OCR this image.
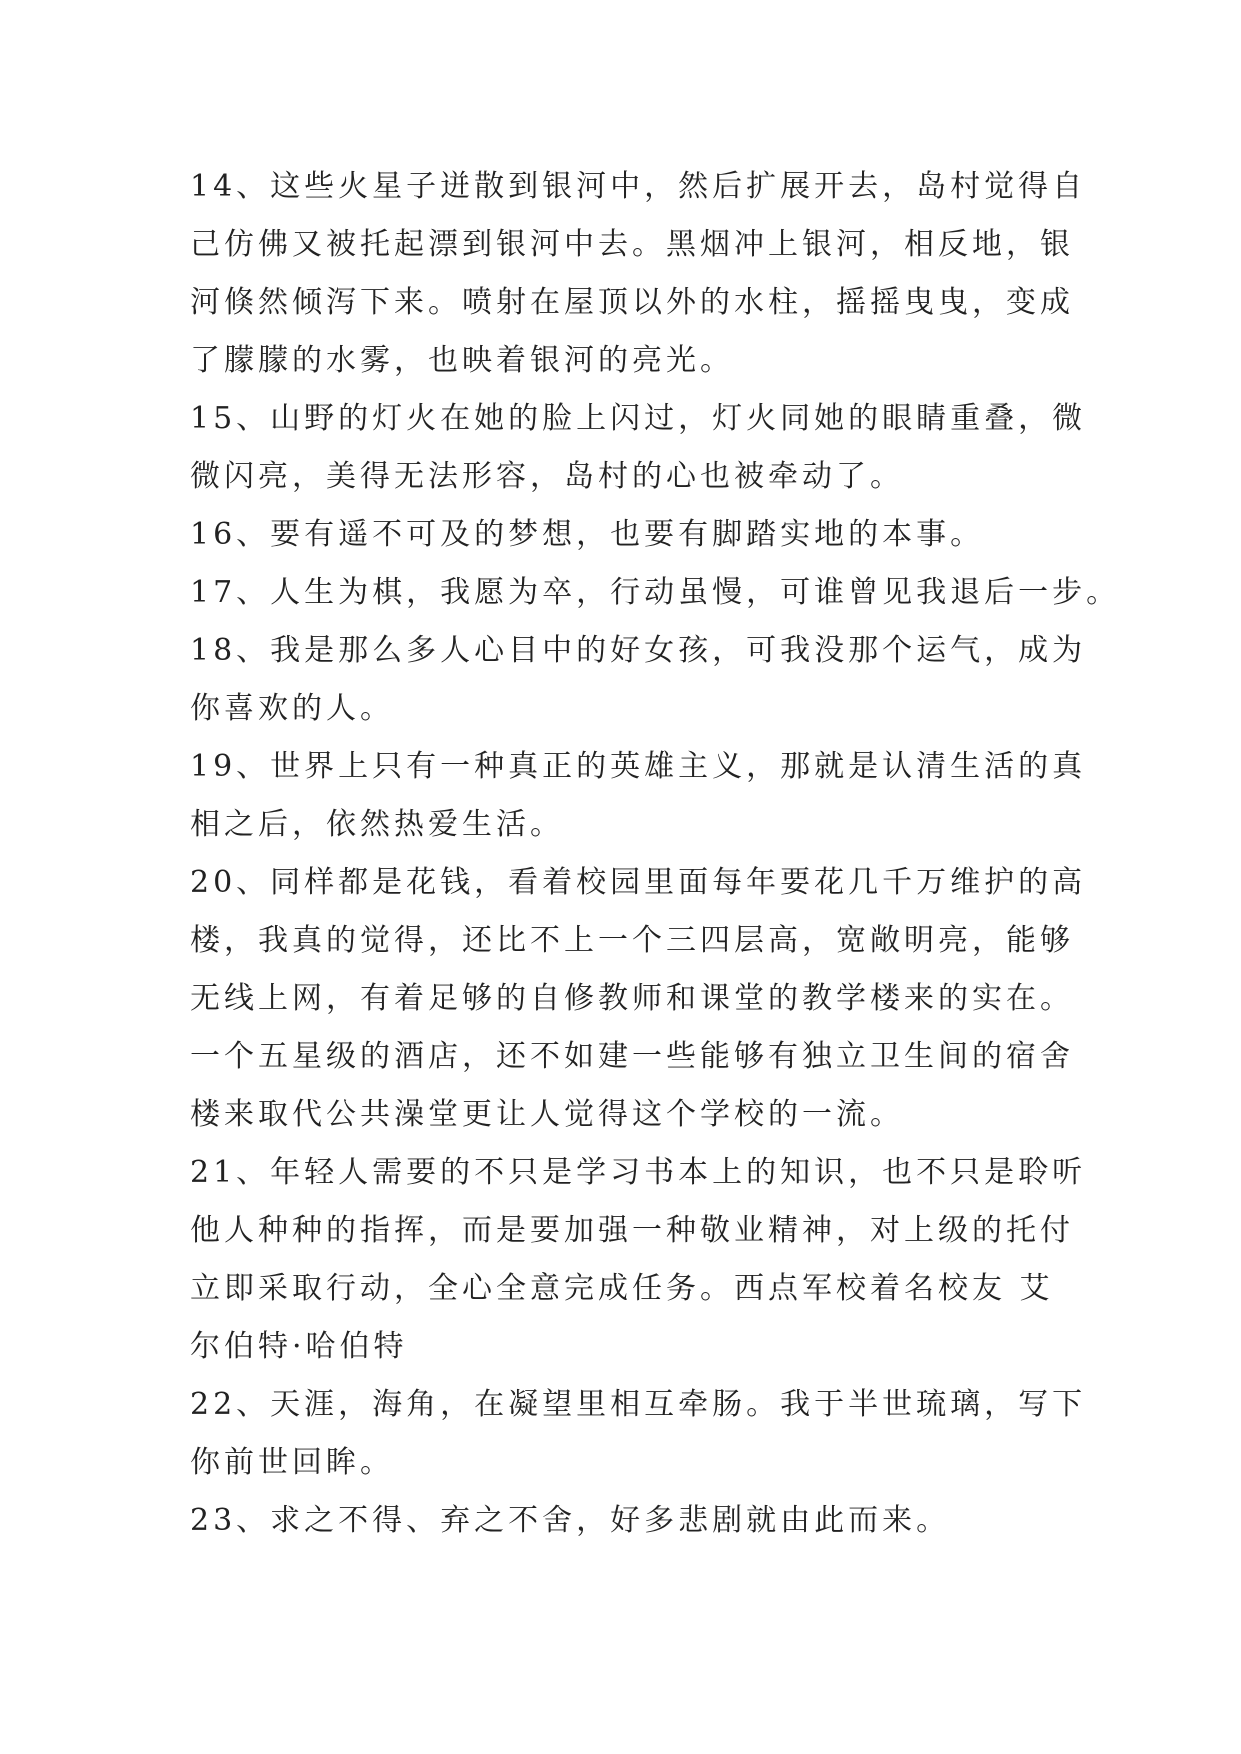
14、这些火星子迸散到银河中，然后扩展开去，岛村觉得自
己仿佛又被托起漂到银河中去。黑烟冲上银河，相反地，银
河倏然倾泻下来。喷射在屋顶以外的水柱，摇摇曳曳，变成
了朦朦的水雾，也映着银河的亮光。
15、山野的灯火在她的脸上闪过，灯火同她的眼睛重叠，微
微闪亮，美得无法形容，岛村的心也被牵动了。
16、要有遥不可及的梦想，也要有脚踏实地的本事。
17、人生为棋，我愿为卒，行动虽慢，可谁曾见我退后一步。
18、我是那么多人心目中的好女孩，可我没那个运气，成为
你喜欢的人。
19、世界上只有一种真正的英雄主义，那就是认清生活的真
相之后，依然热爱生活。
20、同样都是花钱，看着校园里面每年要花几千万维护的高
楼，我真的觉得，还比不上一个三四层高，宽敞明亮，能够
无线上网，有着足够的自修教师和课堂的教学楼来的实在。
一个五星级的酒店，还不如建一些能够有独立卫生间的宿舍
楼来取代公共澡堂更让人觉得这个学校的一流。
21、年轻人需要的不只是学习书本上的知识，也不只是聆听
他人种种的指挥，而是要加强一种敬业精神，对上级的托付
立即采取行动，全心全意完成任务。西点军校着名校友 艾
尔伯特·哈伯特
22、天涯，海角，在凝望里相互牵肠。我于半世琉璃，写下
你前世回眸。
23、求之不得、弃之不舍，好多悲剧就由此而来。
